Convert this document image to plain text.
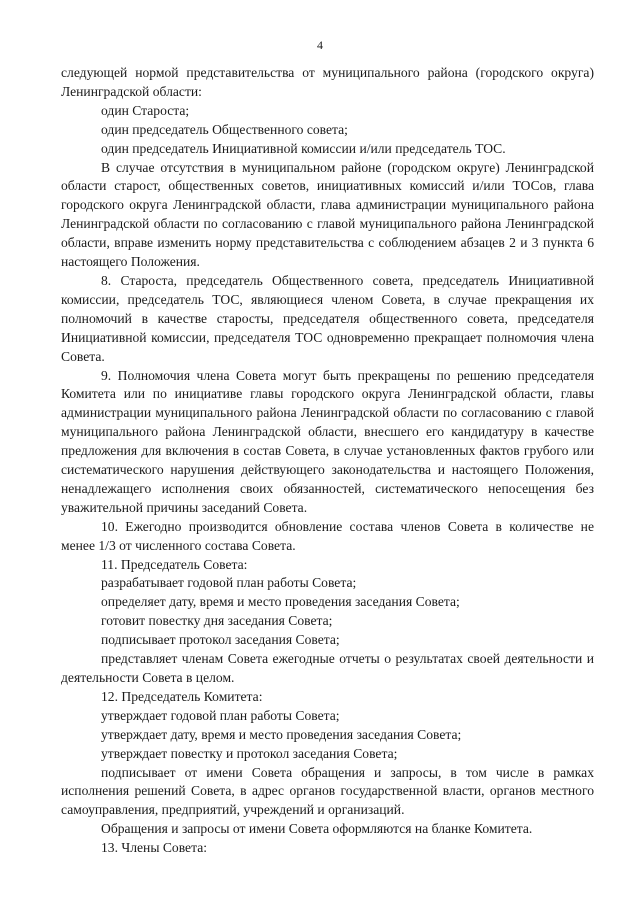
4

следующей нормой представительства от муниципального района (городского округа) Ленинградской области:

один Староста;

один председатель Общественного совета;

один председатель Инициативной комиссии и/или председатель ТОС.

В случае отсутствия в муниципальном районе (городском округе) Ленинградской области старост, общественных советов, инициативных комиссий и/или ТОСов, глава городского округа Ленинградской области, глава администрации муниципального района Ленинградской области по согласованию с главой муниципального района Ленинградской области, вправе изменить норму представительства с соблюдением абзацев 2 и 3 пункта 6 настоящего Положения.

8. Староста, председатель Общественного совета, председатель Инициативной комиссии, председатель ТОС, являющиеся членом Совета, в случае прекращения их полномочий в качестве старосты, председателя общественного совета, председателя Инициативной комиссии, председателя ТОС одновременно прекращает полномочия члена Совета.

9. Полномочия члена Совета могут быть прекращены по решению председателя Комитета или по инициативе главы городского округа Ленинградской области, главы администрации муниципального района Ленинградской области по согласованию с главой муниципального района Ленинградской области, внесшего его кандидатуру в качестве предложения для включения в состав Совета, в случае установленных фактов грубого или систематического нарушения действующего законодательства и настоящего Положения, ненадлежащего исполнения своих обязанностей, систематического непосещения без уважительной причины заседаний Совета.

10. Ежегодно производится обновление состава членов Совета в количестве не менее 1/3 от численного состава Совета.

11. Председатель Совета:

разрабатывает годовой план работы Совета;

определяет дату, время и место проведения заседания Совета;

готовит повестку дня заседания Совета;

подписывает протокол заседания Совета;

представляет членам Совета ежегодные отчеты о результатах своей деятельности и деятельности Совета в целом.

12. Председатель Комитета:

утверждает годовой план работы Совета;

утверждает дату, время и место проведения заседания Совета;

утверждает повестку и протокол заседания Совета;

подписывает от имени Совета обращения и запросы, в том числе в рамках исполнения решений Совета, в адрес органов государственной власти, органов местного самоуправления, предприятий, учреждений и организаций.

Обращения и запросы от имени Совета оформляются на бланке Комитета.

13. Члены Совета:
